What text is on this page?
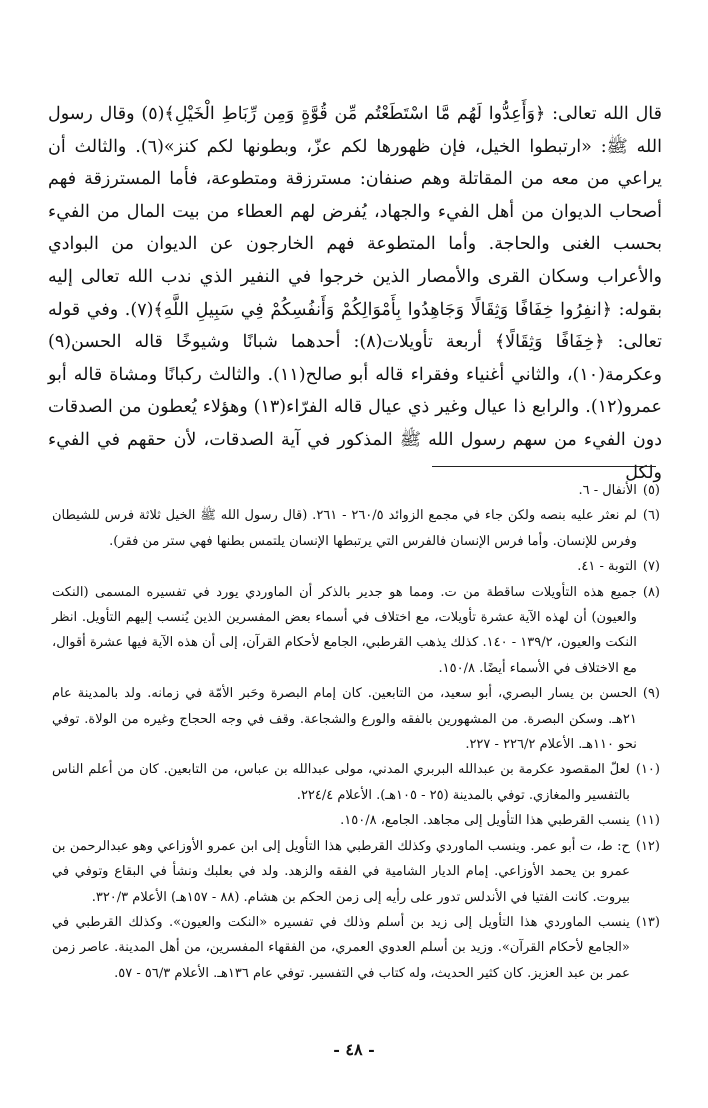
قال الله تعالى: ﴿وَأَعِدُّوا لَهُم مَّا اسْتَطَعْتُم مِّن قُوَّةٍ وَمِن رِّبَاطِ الْخَيْلِ﴾(٥) وقال رسول الله ﷺ: «ارتبطوا الخيل، فإن ظهورها لكم عزّ، وبطونها لكم كنز»(٦). والثالث أن يراعي من معه من المقاتلة وهم صنفان: مسترزقة ومتطوعة، فأما المسترزقة فهم أصحاب الديوان من أهل الفيء والجهاد، يُفرض لهم العطاء من بيت المال من الفيء بحسب الغنى والحاجة. وأما المتطوعة فهم الخارجون عن الديوان من البوادي والأعراب وسكان القرى والأمصار الذين خرجوا في النفير الذي ندب الله تعالى إليه بقوله: ﴿انفِرُوا خِفَافًا وَثِقَالًا وَجَاهِدُوا بِأَمْوَالِكُمْ وَأَنفُسِكُمْ فِي سَبِيلِ اللَّهِ﴾(٧). وفي قوله تعالى: ﴿خِفَافًا وَثِقَالًا﴾ أربعة تأويلات(٨): أحدهما شبانًا وشيوخًا قاله الحسن(٩) وعكرمة(١٠)، والثاني أغنياء وفقراء قاله أبو صالح(١١). والثالث ركبانًا ومشاة قاله أبو عمرو(١٢). والرابع ذا عيال وغير ذي عيال قاله الفرّاء(١٣) وهؤلاء يُعطون من الصدقات دون الفيء من سهم رسول الله ﷺ المذكور في آية الصدقات، لأن حقهم في الفيء ولكل

(٥)
الأنفال - ٦.
(٦)
لم نعثر عليه بنصه ولكن جاء في مجمع الزوائد ٢٦٠/٥ - ٢٦١. (قال رسول الله ﷺ الخيل ثلاثة فرس للشيطان وفرس للإنسان. وأما فرس الإنسان فالفرس التي يرتبطها الإنسان يلتمس بطنها فهي ستر من فقر).
(٧)
التوبة - ٤١.
(٨)
جميع هذه التأويلات ساقطة من ت. ومما هو جدير بالذكر أن الماوردي يورد في تفسيره المسمى (النكت والعيون) أن لهذه الآية عشرة تأويلات، مع اختلاف في أسماء بعض المفسرين الذين يُنسب إليهم التأويل. انظر النكت والعيون، ١٣٩/٢ - ١٤٠. كذلك يذهب القرطبي، الجامع لأحكام القرآن، إلى أن هذه الآية فيها عشرة أقوال، مع الاختلاف في الأسماء أيضًا. ١٥٠/٨.
(٩)
الحسن بن يسار البصري، أبو سعيد، من التابعين. كان إمام البصرة وحَبر الأمّة في زمانه. ولد بالمدينة عام ٢١هـ. وسكن البصرة. من المشهورين بالفقه والورع والشجاعة. وقف في وجه الحجاج وغيره من الولاة. توفي نحو ١١٠هـ. الأعلام ٢٢٦/٢ - ٢٢٧.
(١٠)
لعلّ المقصود عكرمة بن عبدالله البربري المدني، مولى عبدالله بن عباس، من التابعين. كان من أعلم الناس بالتفسير والمغازي. توفي بالمدينة (٢٥ - ١٠٥هـ). الأعلام ٢٢٤/٤.
(١١)
ينسب القرطبي هذا التأويل إلى مجاهد. الجامع، ١٥٠/٨.
(١٢)
ح: ط، ت أبو عمر. وينسب الماوردي وكذلك القرطبي هذا التأويل إلى ابن عمرو الأوزاعي وهو عبدالرحمن بن عمرو بن يحمد الأوزاعي. إمام الديار الشامية في الفقه والزهد. ولد في بعلبك ونشأ في البقاع وتوفي في بيروت. كانت الفتيا في الأندلس تدور على رأيه إلى زمن الحكم بن هشام. (٨٨ - ١٥٧هـ) الأعلام ٣٢٠/٣.
(١٣)
ينسب الماوردي هذا التأويل إلى زيد بن أسلم وذلك في تفسيره «النكت والعيون». وكذلك القرطبي في «الجامع لأحكام القرآن». وزيد بن أسلم العدوي العمري، من الفقهاء المفسرين، من أهل المدينة. عاصر زمن عمر بن عبد العزيز. كان كثير الحديث، وله كتاب في التفسير. توفي عام ١٣٦هـ. الأعلام ٥٦/٣ - ٥٧.
- ٤٨ -
